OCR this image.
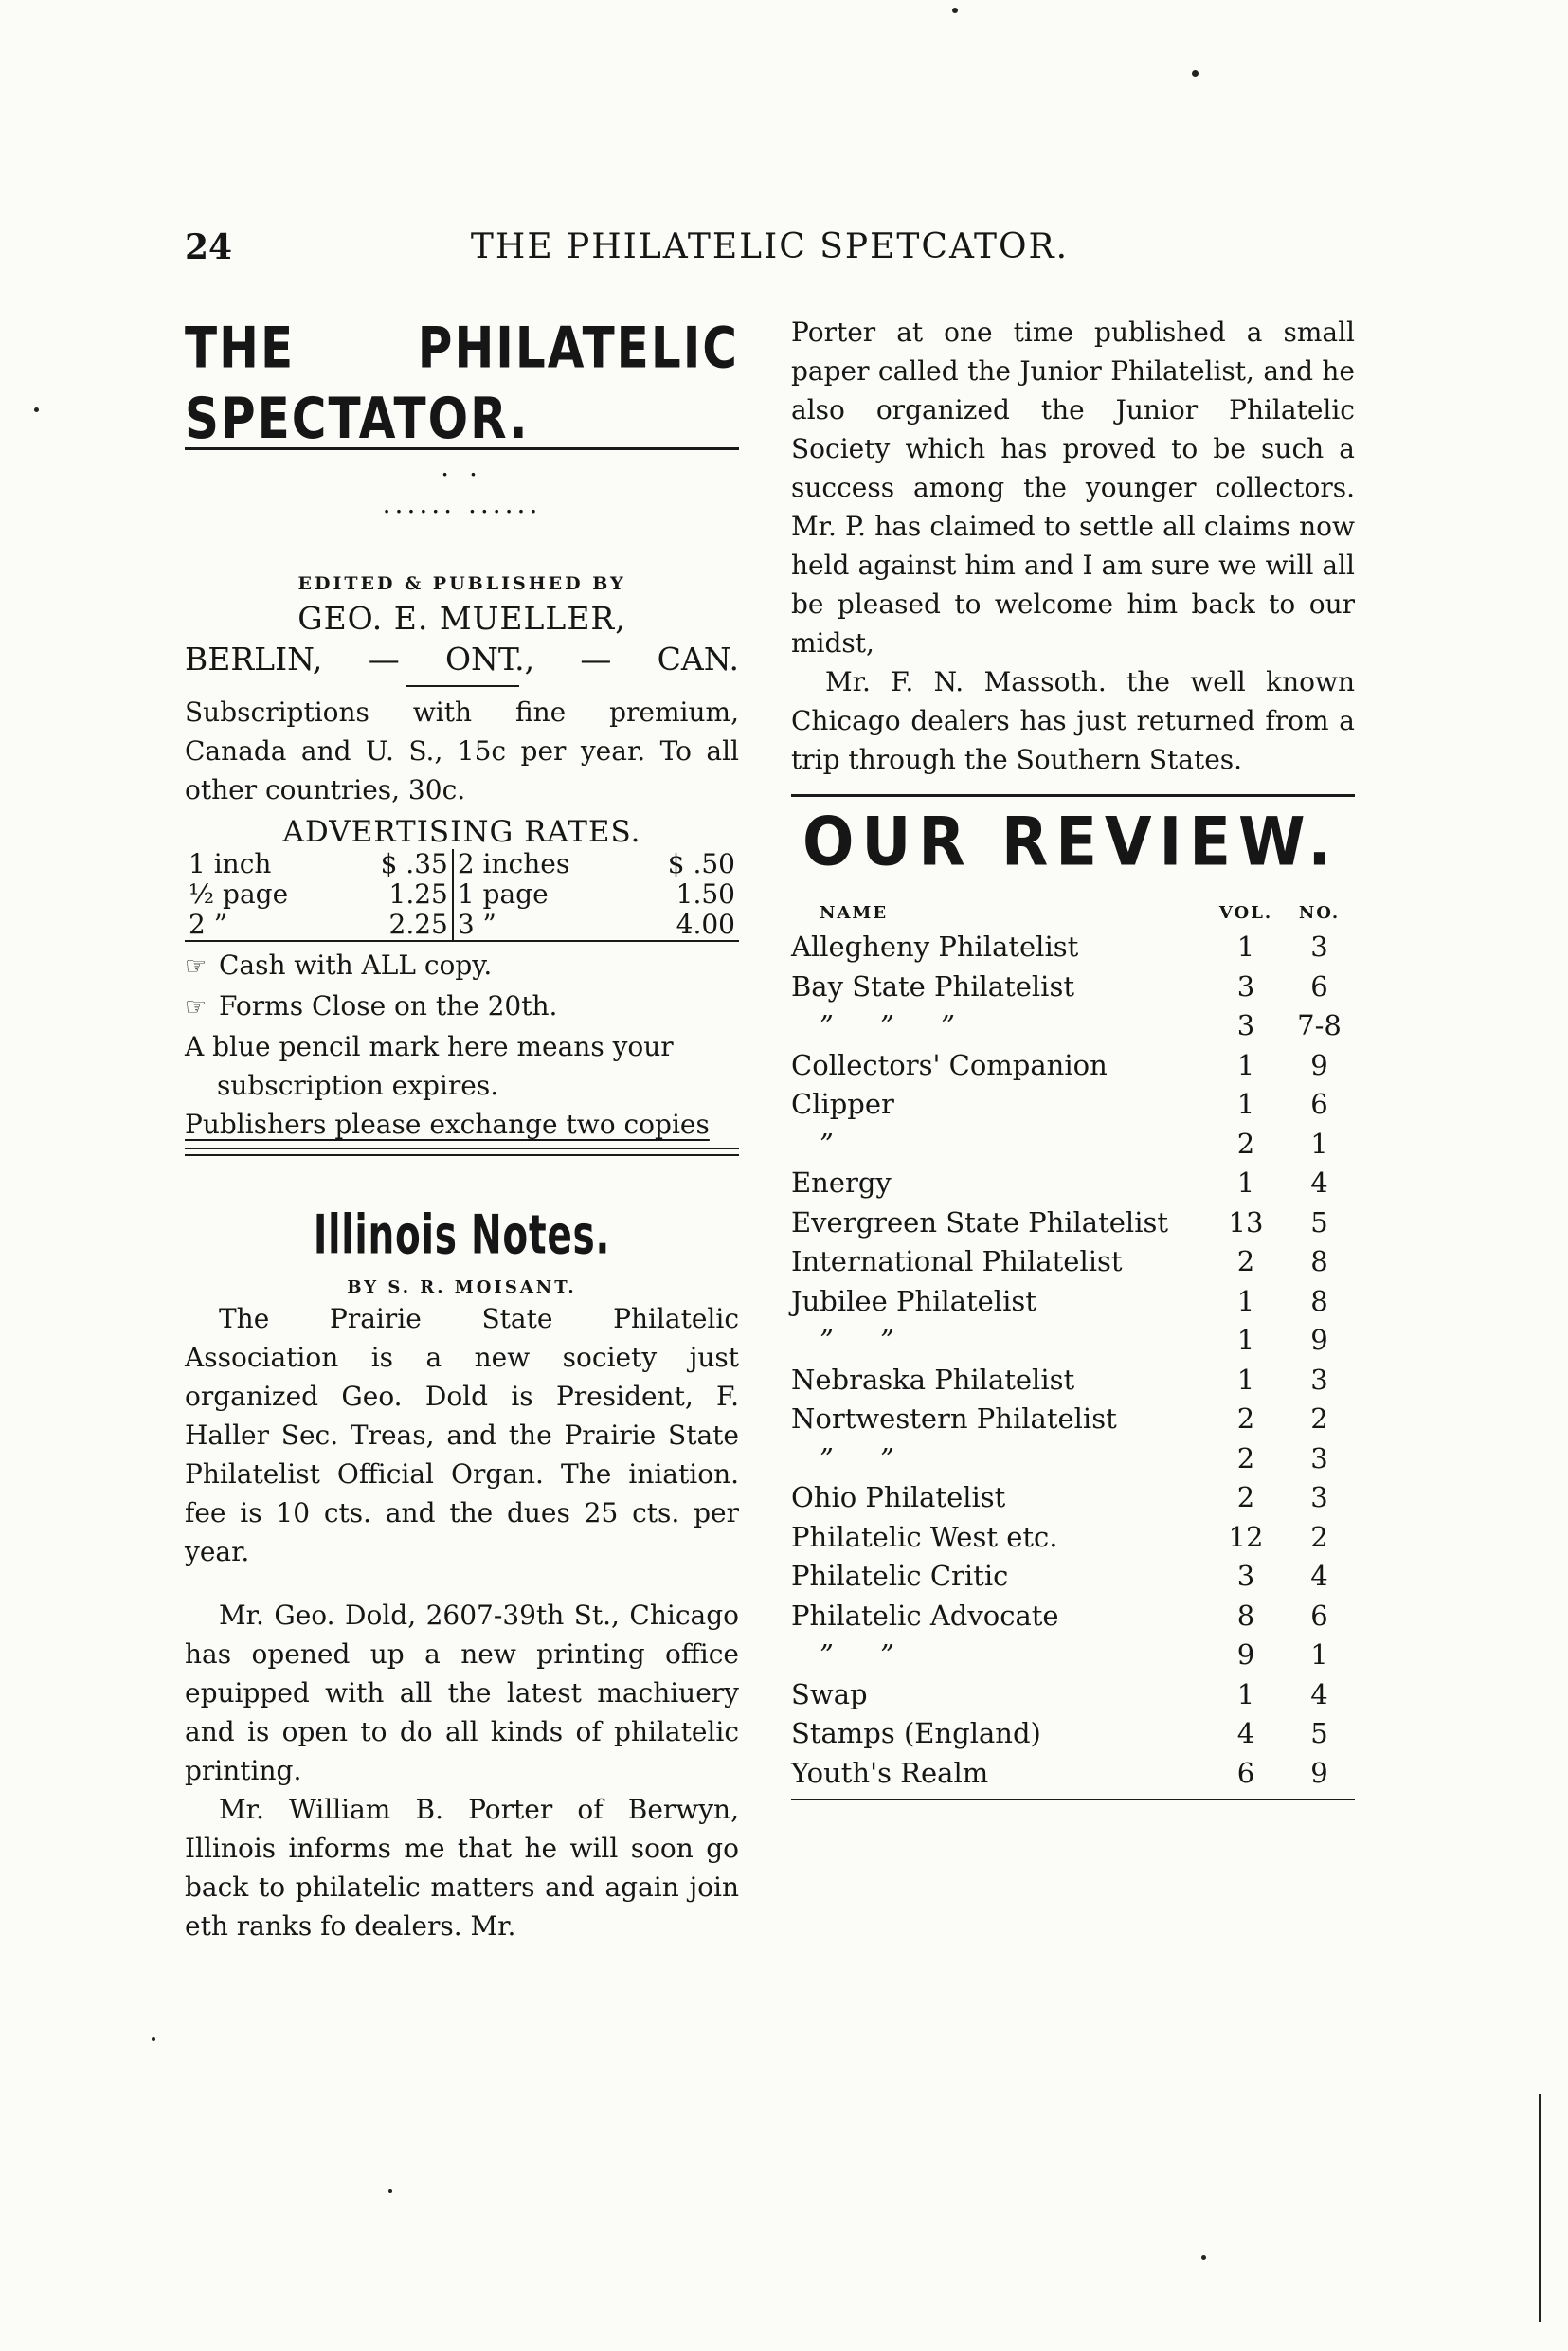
24	THE PHILATELIC SPETCATOR.
THE	PHILATELIC SPECTATOR.
. .
...... ......
EDITED & PUBLISHED BY
GEO. E. MUELLER,
BERLIN, — ONT., — CAN.

Subscriptions with fine premium, Canada and U. S., 15c per year. To all other countries, 30c.

ADVERTISING RATES.
1 inch	$ .35	2 inches	$ .50
½ page	1.25	1 page	1.50
2 ”	2.25	3 ”	4.00
☞ Cash with ALL copy.
☞ Forms Close on the 20th.
A blue pencil mark here means your
subscription expires.
Publishers please exchange two copies
Illinois Notes.
BY S. R. MOISANT.

The Prairie State Philatelic Association is a new society just organized Geo. Dold is President, F. Haller Sec. Treas, and the Prairie State Philatelist Official Organ. The iniation. fee is 10 cts. and the dues 25 cts. per year.

Mr. Geo. Dold, 2607-39th St., Chicago has opened up a new printing office epuipped with all the latest machiuery and is open to do all kinds of philatelic printing.

Mr. William B. Porter of Berwyn, Illinois informs me that he will soon go back to philatelic matters and again join eth ranks fo dealers. Mr.

Porter at one time published a small paper called the Junior Philatelist, and he also organized the Junior Philatelic Society which has proved to be such a success among the younger collectors. Mr. P. has claimed to settle all claims now held against him and I am sure we will all be pleased to welcome him back to our midst,

Mr. F. N. Massoth. the well known Chicago dealers has just returned from a trip through the Southern States.

OUR REVIEW.
NAME	VOL.	NO.
Allegheny Philatelist	1	3
Bay State Philatelist	3	6
” ” ”	3	7-8
Collectors' Companion	1	9
Clipper	1	6
”	2	1
Energy	1	4
Evergreen State Philatelist	13	5
International Philatelist	2	8
Jubilee Philatelist	1	8
” ”	1	9
Nebraska Philatelist	1	3
Nortwestern Philatelist	2	2
” ”	2	3
Ohio Philatelist	2	3
Philatelic West etc.	12	2
Philatelic Critic	3	4
Philatelic Advocate	8	6
” ”	9	1
Swap	1	4
Stamps (England)	4	5
Youth's Realm	6	9
